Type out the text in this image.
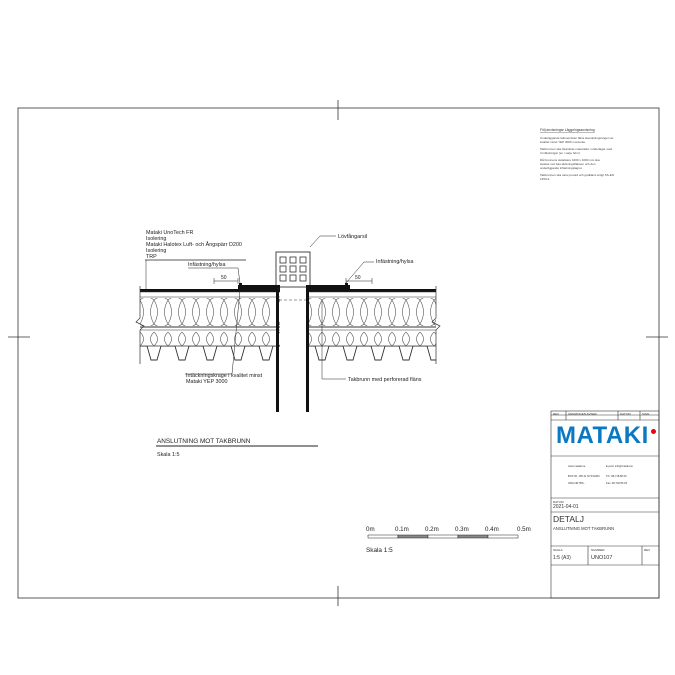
Följ anvisningar Läggningsanvisning
Underliggande takmembran fläns ska tätningsringen av
kvalitet minst YEP 3000 monteras.
Takbrunnen ska förankras mekaniskt i underlaget med
4 infästningar (en i varje hörn).
Då brunnens avtäckare 1000 x 1000 mm ska
avskas mot bas täckningsflänsen och den
underliggande infästningslagret.
Takbrunnen ska vara provad och godkänd enligt SS-EN
1253-2.
Mataki UnoTech FR
Isolering
Mataki Halotex Luft- och Ångspärr D200
Isolering
TRP
Lövfångarsil
Infästning/hylsa	Infästning/hylsa
Intäckningskrage i kvalitet minst
Mataki YEP 3000	Takbrunn med perforerad fläns
50	50
ANSLUTNING MOT TAKBRUNN
Skala 1:5
0m	0.1m	0.2m	0.3m	0.4m	0.5m
Skala 1:5
REV	ÄNDRINGEN AVSER	DATUM	SIGN
MATAKI
www.mataki.se	E-post: info@mataki.se
BOX 50, 155 21 NYKVARN Tfn: 08-718 86 00
ORG.NR 556...	Fax: 08-718 86 25
DATUM
2021-04-01
DETALJ
ANSLUTNING MOT TAKBRUNN
SKALA
1:5 (A3)
NUMMER
UNO107
REV
